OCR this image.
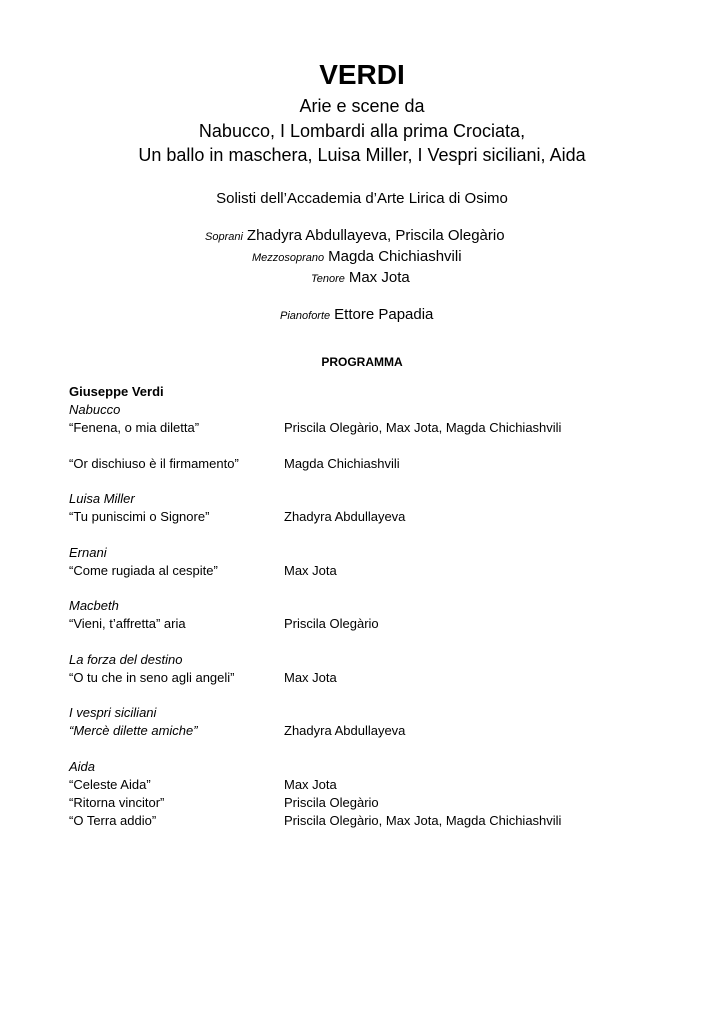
VERDI
Arie e scene da
Nabucco, I Lombardi alla prima Crociata,
Un ballo in maschera, Luisa Miller, I Vespri siciliani, Aida
Solisti dell’Accademia d’Arte Lirica di Osimo
Soprani Zhadyra Abdullayeva, Priscila Olegàrio
Mezzosoprano Magda Chichiashvili
Tenore Max Jota
Pianoforte Ettore Papadia
PROGRAMMA
Giuseppe Verdi
Nabucco
“Fenena, o mia diletta”	Priscila Olegàrio, Max Jota, Magda Chichiashvili
“Or dischiuso è il firmamento”	Magda Chichiashvili
Luisa Miller
“Tu puniscimi o Signore”	Zhadyra Abdullayeva
Ernani
“Come rugiada al cespite”	Max Jota
Macbeth
“Vieni, t’affretta” aria	Priscila Olegàrio
La forza del destino
“O tu che in seno agli angeli”	Max Jota
I vespri siciliani
“Mercè dilette amiche”	Zhadyra Abdullayeva
Aida
“Celeste Aida”	Max Jota
“Ritorna vincitor”	Priscila Olegàrio
“O Terra addio”	Priscila Olegàrio, Max Jota, Magda Chichiashvili
